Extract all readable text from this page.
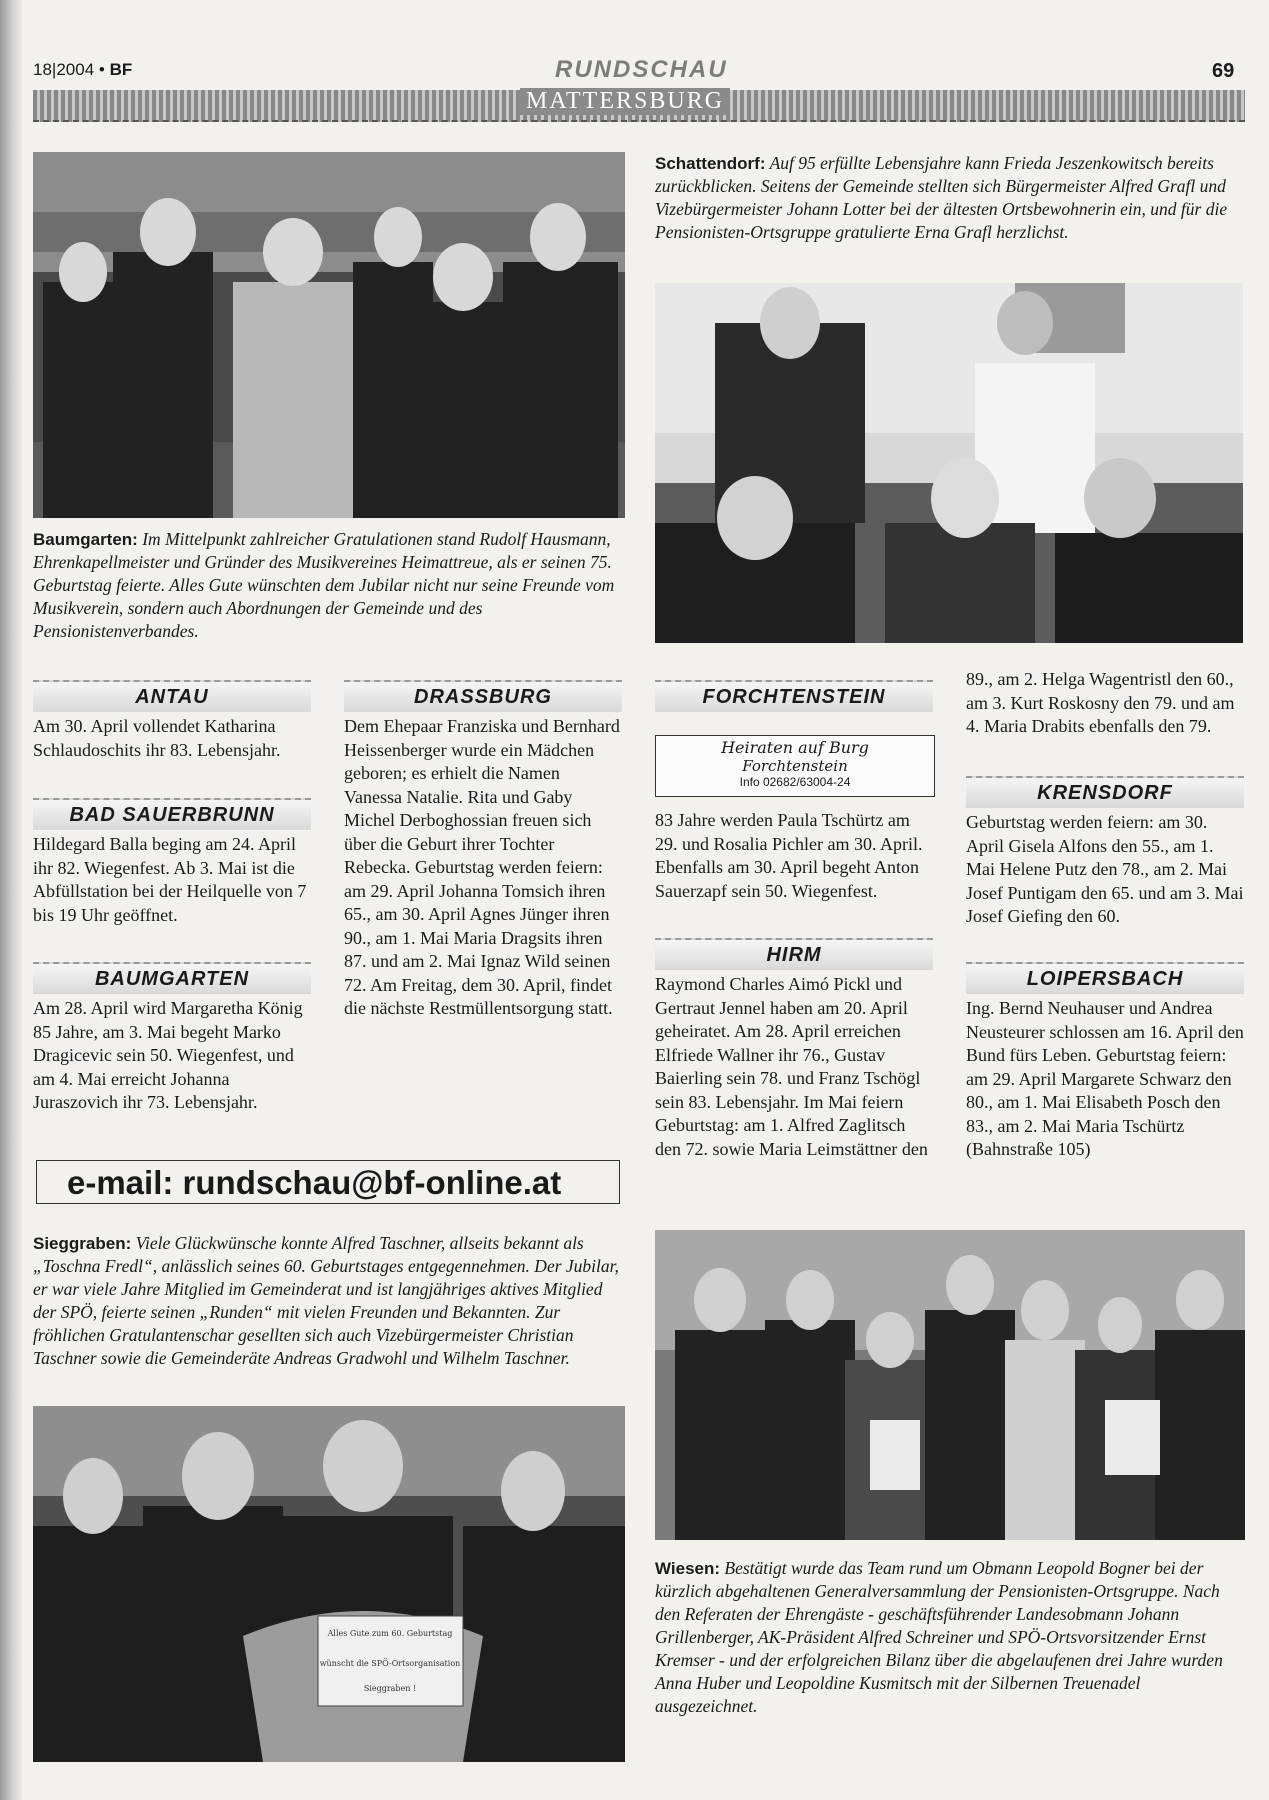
18|2004 • BF	RUNDSCHAU	69
MATTERSBURG
Schattendorf: Auf 95 erfüllte Lebensjahre kann Frieda Jeszenkowitsch bereits zurückblicken. Seitens der Gemeinde stellten sich Bürgermeister Alfred Grafl und Vizebürgermeister Johann Lotter bei der ältesten Ortsbewohnerin ein, und für die Pensionisten-Ortsgruppe gratulierte Erna Grafl herzlichst.
Baumgarten: Im Mittelpunkt zahlreicher Gratulationen stand Rudolf Hausmann, Ehrenkapellmeister und Gründer des Musikvereines Heimattreue, als er seinen 75. Geburtstag feierte. Alles Gute wünschten dem Jubilar nicht nur seine Freunde vom Musikverein, sondern auch Abordnungen der Gemeinde und des Pensionistenverbandes.
ANTAU
Am 30. April vollendet Katharina Schlaudoschits ihr 83. Lebensjahr.
BAD SAUERBRUNN
Hildegard Balla beging am 24. April ihr 82. Wiegenfest. Ab 3. Mai ist die Abfüllstation bei der Heilquelle von 7 bis 19 Uhr geöffnet.
BAUMGARTEN
Am 28. April wird Margaretha König 85 Jahre, am 3. Mai begeht Marko Dragicevic sein 50. Wiegenfest, und am 4. Mai erreicht Johanna Juraszovich ihr 73. Lebensjahr.
DRASSBURG
Dem Ehepaar Franziska und Bernhard Heissenberger wurde ein Mädchen geboren; es erhielt die Namen Vanessa Natalie. Rita und Gaby Michel Derboghossian freuen sich über die Geburt ihrer Tochter Rebecka. Geburtstag werden feiern: am 29. April Johanna Tomsich ihren 65., am 30. April Agnes Jünger ihren 90., am 1. Mai Maria Dragsits ihren 87. und am 2. Mai Ignaz Wild seinen 72. Am Freitag, dem 30. April, findet die nächste Restmüllentsorgung statt.
FORCHTENSTEIN
Heiraten auf Burg
Forchtenstein
Info 02682/63004-24
83 Jahre werden Paula Tschürtz am 29. und Rosalia Pichler am 30. April. Ebenfalls am 30. April begeht Anton Sauerzapf sein 50. Wiegenfest.
HIRM
Raymond Charles Aimó Pickl und Gertraut Jennel haben am 20. April geheiratet. Am 28. April erreichen Elfriede Wallner ihr 76., Gustav Baierling sein 78. und Franz Tschögl sein 83. Lebensjahr. Im Mai feiern Geburtstag: am 1. Alfred Zaglitsch den 72. sowie Maria Leimstättner den
89., am 2. Helga Wagentristl den 60., am 3. Kurt Roskosny den 79. und am 4. Maria Drabits ebenfalls den 79.
KRENSDORF
Geburtstag werden feiern: am 30. April Gisela Alfons den 55., am 1. Mai Helene Putz den 78., am 2. Mai Josef Puntigam den 65. und am 3. Mai Josef Giefing den 60.
LOIPERSBACH
Ing. Bernd Neuhauser und Andrea Neusteurer schlossen am 16. April den Bund fürs Leben. Geburtstag feiern: am 29. April Margarete Schwarz den 80., am 1. Mai Elisabeth Posch den 83., am 2. Mai Maria Tschürtz (Bahnstraße 105)
e-mail: rundschau@bf-online.at
Sieggraben: Viele Glückwünsche konnte Alfred Taschner, allseits bekannt als „Toschna Fredl“, anlässlich seines 60. Geburtstages entgegennehmen. Der Jubilar, er war viele Jahre Mitglied im Gemeinderat und ist langjähriges aktives Mitglied der SPÖ, feierte seinen „Runden“ mit vielen Freunden und Bekannten. Zur fröhlichen Gratulantenschar gesellten sich auch Vizebürgermeister Christian Taschner sowie die Gemeinderäte Andreas Gradwohl und Wilhelm Taschner.
Wiesen: Bestätigt wurde das Team rund um Obmann Leopold Bogner bei der kürzlich abgehaltenen Generalversammlung der Pensionisten-Ortsgruppe. Nach den Referaten der Ehrengäste - geschäftsführender Landesobmann Johann Grillenberger, AK-Präsident Alfred Schreiner und SPÖ-Ortsvorsitzender Ernst Kremser - und der erfolgreichen Bilanz über die abgelaufenen drei Jahre wurden Anna Huber und Leopoldine Kusmitsch mit der Silbernen Treuenadel ausgezeichnet.
Alles Gute zum 60. Geburtstag
wünscht die SPÖ-Ortsorganisation
Sieggraben !
